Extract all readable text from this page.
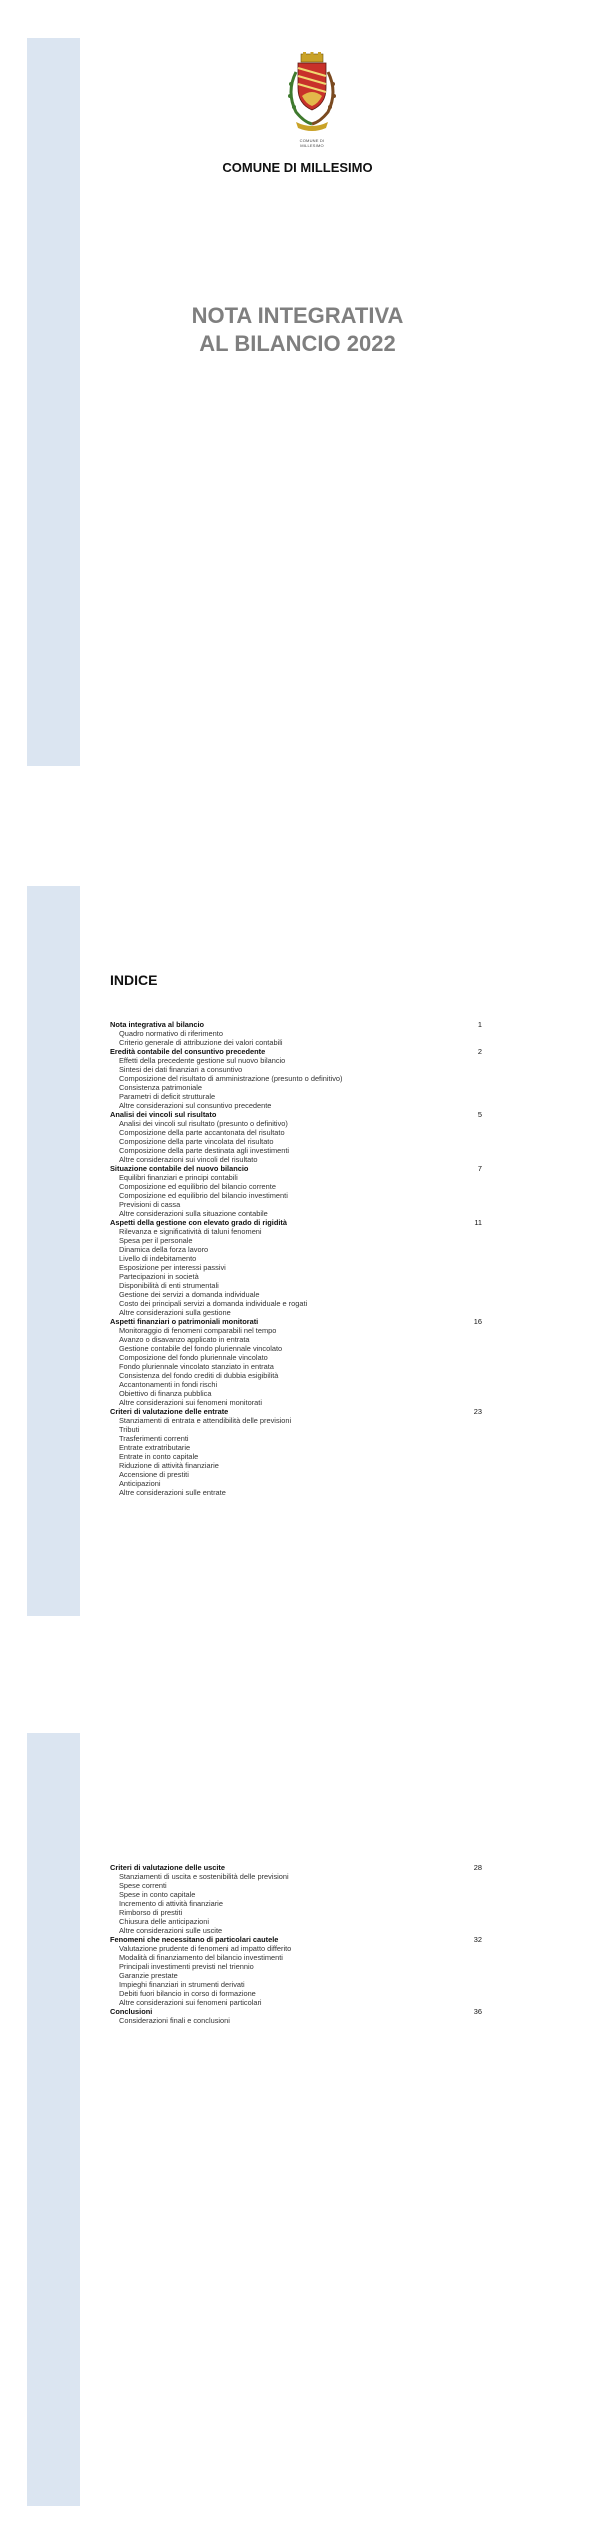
COMUNE DI MILLESIMO
COMUNE DI MILLESIMO
NOTA INTEGRATIVA
AL BILANCIO 2022
INDICE
Nota integrativa al bilancio	1
Quadro normativo di riferimento
Criterio generale di attribuzione dei valori contabili
Eredità contabile del consuntivo precedente	2
Effetti della precedente gestione sul nuovo bilancio
Sintesi dei dati finanziari a consuntivo
Composizione del risultato di amministrazione (presunto o definitivo)
Consistenza patrimoniale
Parametri di deficit strutturale
Altre considerazioni sul consuntivo precedente
Analisi dei vincoli sul risultato	5
Analisi dei vincoli sul risultato (presunto o definitivo)
Composizione della parte accantonata del risultato
Composizione della parte vincolata del risultato
Composizione della parte destinata agli investimenti
Altre considerazioni sui vincoli del risultato
Situazione contabile del nuovo bilancio	7
Equilibri finanziari e principi contabili
Composizione ed equilibrio del bilancio corrente
Composizione ed equilibrio del bilancio investimenti
Previsioni di cassa
Altre considerazioni sulla situazione contabile
Aspetti della gestione con elevato grado di rigidità	11
Rilevanza e significatività di taluni fenomeni
Spesa per il personale
Dinamica della forza lavoro
Livello di indebitamento
Esposizione per interessi passivi
Partecipazioni in società
Disponibilità di enti strumentali
Gestione dei servizi a domanda individuale
Costo dei principali servizi a domanda individuale e rogati
Altre considerazioni sulla gestione
Aspetti finanziari o patrimoniali monitorati	16
Monitoraggio di fenomeni comparabili nel tempo
Avanzo o disavanzo applicato in entrata
Gestione contabile del fondo pluriennale vincolato
Composizione del fondo pluriennale vincolato
Fondo pluriennale vincolato stanziato in entrata
Consistenza del fondo crediti di dubbia esigibilità
Accantonamenti in fondi rischi
Obiettivo di finanza pubblica
Altre considerazioni sui fenomeni monitorati
Criteri di valutazione delle entrate	23
Stanziamenti di entrata e attendibilità delle previsioni
Tributi
Trasferimenti correnti
Entrate extratributarie
Entrate in conto capitale
Riduzione di attività finanziarie
Accensione di prestiti
Anticipazioni
Altre considerazioni sulle entrate
Criteri di valutazione delle uscite	28
Stanziamenti di uscita e sostenibilità delle previsioni
Spese correnti
Spese in conto capitale
Incremento di attività finanziarie
Rimborso di prestiti
Chiusura delle anticipazioni
Altre considerazioni sulle uscite
Fenomeni che necessitano di particolari cautele	32
Valutazione prudente di fenomeni ad impatto differito
Modalità di finanziamento del bilancio investimenti
Principali investimenti previsti nel triennio
Garanzie prestate
Impieghi finanziari in strumenti derivati
Debiti fuori bilancio in corso di formazione
Altre considerazioni sui fenomeni particolari
Conclusioni	36
Considerazioni finali e conclusioni
